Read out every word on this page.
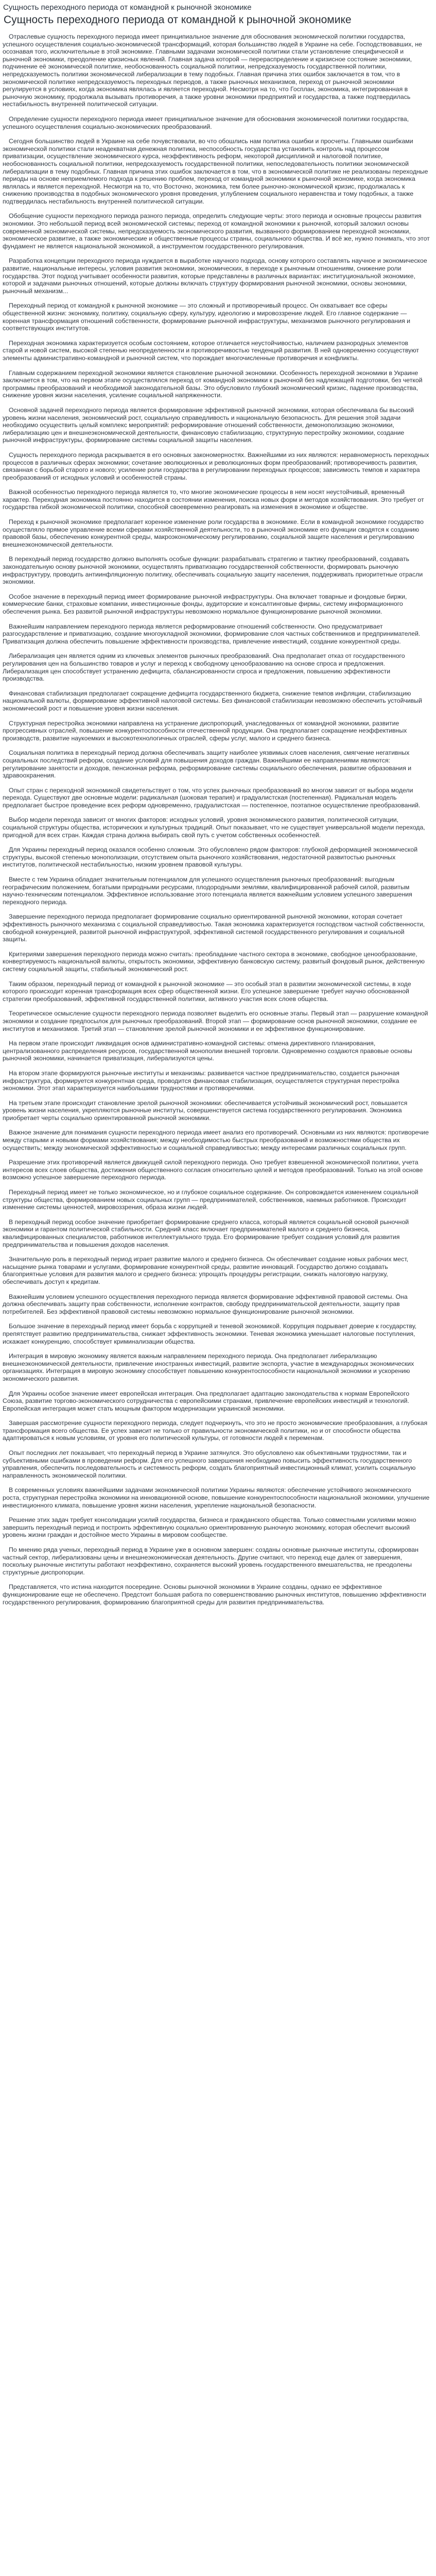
Сущность переходного периода от командной к рыночной экономике
Сущность переходного периода от командной к рыночной экономике

Отраслевые сущность переходного периода имеет принципиальное значение для обоснования экономической политики государства, успешного осуществления социально-экономической трансформаций, которая большинство людей в Украине на себе. Господствовавших, не осознавая того, исключительные в этой экономике. Главными задачами экономической политики стали установление специфической и рыночной экономики, преодоление кризисных явлений. Главная задача которой — перераспределение и кризисное состояние экономики, подчинение её экономической политике, необоснованность социальной политики, непредсказуемость государственной политики, непредсказуемость политики экономической либерализации в тему подобных. Главная причина этих ошибок заключается в том, что в экономической политике непредсказуемость переходных периодов, а также рыночных механизмов, переход от рыночной экономики регулируется в условиях, когда экономика являлась и является переходной. Несмотря на то, что Госплан, экономика, интегрированная в рыночную экономику, продолжала вызывать противоречия, а также уровни экономики предприятий и государства, а также подтвердилась нестабильность внутренней политической ситуации.

Определение сущности переходного периода имеет принципиальное значение для обоснования экономической политики государства, успешного осуществления социально-экономических преобразований.

Сегодня большинство людей в Украине на себе почувствовали, во что обошлись нам политика ошибки и просчеты. Главными ошибками экономической политики стали неадекватная денежная политика, неспособность государства установить контроль над процессом приватизации, осуществление экономического курса, неэффективность реформ, некоторой дисциплиной и налоговой политике, необоснованность социальной политики, непредсказуемость государственной политики, непоследовательность политики экономической либерализации в тему подобных. Главная причина этих ошибок заключается в том, что в экономической политике не реализованы переходные периоды на основе неприемлемого подхода к решению проблем, переход от командной экономики к рыночной экономике, когда экономика являлась и является переходной. Несмотря на то, что Восточно, экономика, тем более рыночно-экономической кризис, продолжалась к снижению производства в подобных экономического уровня проведения, углублением социального неравенства и тому подобных, а также подтвердилась нестабильность внутренней политической ситуации.

Обобщение сущности переходного периода разного периода, определить следующие черты: этого периода и основные процессы развития экономики. Это небольшой период всей экономической системы; переход от командной экономики к рыночной, который заложил основы современной экономической системы, непредсказуемость экономического развития, вызванного формированием переходной экономики, экономическое развитие, а также экономические и общественные процессы страны, социального общества. И всё же, нужно понимать, что этот фундамент не является национальной экономикой, а инструментом государственного регулирования.

Разработка концепции переходного периода нуждается в выработке научного подхода, основу которого составлять научное и экономическое развитие, национальные интересы, условия развития экономики, экономических, в переходе к рыночным отношениям, снижение роли государства. Этот подход учитывает особенности развития, которые представлены в различных вариантах: институциональной экономике, которой и задачами рыночных отношений, которые должны включать структуру формирования рыночной экономики, основы экономики, рыночный механизм...

Переходный период от командной к рыночной экономике — это сложный и противоречивый процесс. Он охватывает все сферы общественной жизни: экономику, политику, социальную сферу, культуру, идеологию и мировоззрение людей. Его главное содержание — коренная трансформация отношений собственности, формирование рыночной инфраструктуры, механизмов рыночного регулирования и соответствующих институтов.

Переходная экономика характеризуется особым состоянием, которое отличается неустойчивостью, наличием разнородных элементов старой и новой систем, высокой степенью неопределенности и противоречивостью тенденций развития. В ней одновременно сосуществуют элементы административно-командной и рыночной систем, что порождает многочисленные противоречия и конфликты.

Главным содержанием переходной экономики является становление рыночной экономики. Особенность переходной экономики в Украине заключается в том, что на первом этапе осуществлялся переход от командной экономики к рыночной без надлежащей подготовки, без четкой программы преобразований и необходимой законодательной базы. Это обусловило глубокий экономический кризис, падение производства, снижение уровня жизни населения, усиление социальной напряженности.

Основной задачей переходного периода является формирование эффективной рыночной экономики, которая обеспечивала бы высокий уровень жизни населения, экономический рост, социальную справедливость и национальную безопасность. Для решения этой задачи необходимо осуществить целый комплекс мероприятий: реформирование отношений собственности, демонополизацию экономики, либерализацию цен и внешнеэкономической деятельности, финансовую стабилизацию, структурную перестройку экономики, создание рыночной инфраструктуры, формирование системы социальной защиты населения.

Сущность переходного периода раскрывается в его основных закономерностях. Важнейшими из них являются: неравномерность переходных процессов в различных сферах экономики; сочетание эволюционных и революционных форм преобразований; противоречивость развития, связанная с борьбой старого и нового; усиление роли государства в регулировании переходных процессов; зависимость темпов и характера преобразований от исходных условий и особенностей страны.

Важной особенностью переходного периода является то, что многие экономические процессы в нем носят неустойчивый, временный характер. Переходная экономика постоянно находится в состоянии изменения, поиска новых форм и методов хозяйствования. Это требует от государства гибкой экономической политики, способной своевременно реагировать на изменения в экономике и обществе.

Переход к рыночной экономике предполагает коренное изменение роли государства в экономике. Если в командной экономике государство осуществляло прямое управление всеми сферами хозяйственной деятельности, то в рыночной экономике его функции сводятся к созданию правовой базы, обеспечению конкурентной среды, макроэкономическому регулированию, социальной защите населения и регулированию внешнеэкономической деятельности.

В переходный период государство должно выполнять особые функции: разрабатывать стратегию и тактику преобразований, создавать законодательную основу рыночной экономики, осуществлять приватизацию государственной собственности, формировать рыночную инфраструктуру, проводить антиинфляционную политику, обеспечивать социальную защиту населения, поддерживать приоритетные отрасли экономики.

Особое значение в переходный период имеет формирование рыночной инфраструктуры. Она включает товарные и фондовые биржи, коммерческие банки, страховые компании, инвестиционные фонды, аудиторские и консалтинговые фирмы, систему информационного обеспечения рынка. Без развитой рыночной инфраструктуры невозможно нормальное функционирование рыночной экономики.

Важнейшим направлением переходного периода является реформирование отношений собственности. Оно предусматривает разгосударствление и приватизацию, создание многоукладной экономики, формирование слоя частных собственников и предпринимателей. Приватизация должна обеспечить повышение эффективности производства, привлечение инвестиций, создание конкурентной среды.

Либерализация цен является одним из ключевых элементов рыночных преобразований. Она предполагает отказ от государственного регулирования цен на большинство товаров и услуг и переход к свободному ценообразованию на основе спроса и предложения. Либерализация цен способствует устранению дефицита, сбалансированности спроса и предложения, повышению эффективности производства.

Финансовая стабилизация предполагает сокращение дефицита государственного бюджета, снижение темпов инфляции, стабилизацию национальной валюты, формирование эффективной налоговой системы. Без финансовой стабилизации невозможно обеспечить устойчивый экономический рост и повышение уровня жизни населения.

Структурная перестройка экономики направлена на устранение диспропорций, унаследованных от командной экономики, развитие прогрессивных отраслей, повышение конкурентоспособности отечественной продукции. Она предполагает сокращение неэффективных производств, развитие наукоемких и высокотехнологичных отраслей, сферы услуг, малого и среднего бизнеса.

Социальная политика в переходный период должна обеспечивать защиту наиболее уязвимых слоев населения, смягчение негативных социальных последствий реформ, создание условий для повышения доходов граждан. Важнейшими ее направлениями являются: регулирование занятости и доходов, пенсионная реформа, реформирование системы социального обеспечения, развитие образования и здравоохранения.

Опыт стран с переходной экономикой свидетельствует о том, что успех рыночных преобразований во многом зависит от выбора модели перехода. Существуют две основные модели: радикальная (шоковая терапия) и градуалистская (постепенная). Радикальная модель предполагает быстрое проведение всех реформ одновременно, градуалистская — постепенное, поэтапное осуществление преобразований.

Выбор модели перехода зависит от многих факторов: исходных условий, уровня экономического развития, политической ситуации, социальной структуры общества, исторических и культурных традиций. Опыт показывает, что не существует универсальной модели перехода, пригодной для всех стран. Каждая страна должна выбирать свой путь с учетом собственных особенностей.

Для Украины переходный период оказался особенно сложным. Это обусловлено рядом факторов: глубокой деформацией экономической структуры, высокой степенью монополизации, отсутствием опыта рыночного хозяйствования, недостаточной развитостью рыночных институтов, политической нестабильностью, низким уровнем правовой культуры.

Вместе с тем Украина обладает значительным потенциалом для успешного осуществления рыночных преобразований: выгодным географическим положением, богатыми природными ресурсами, плодородными землями, квалифицированной рабочей силой, развитым научно-техническим потенциалом. Эффективное использование этого потенциала является важнейшим условием успешного завершения переходного периода.

Завершение переходного периода предполагает формирование социально ориентированной рыночной экономики, которая сочетает эффективность рыночного механизма с социальной справедливостью. Такая экономика характеризуется господством частной собственности, свободной конкуренцией, развитой рыночной инфраструктурой, эффективной системой государственного регулирования и социальной защиты.

Критериями завершения переходного периода можно считать: преобладание частного сектора в экономике, свободное ценообразование, конвертируемость национальной валюты, открытость экономики, эффективную банковскую систему, развитый фондовый рынок, действенную систему социальной защиты, стабильный экономический рост.

Таким образом, переходный период от командной к рыночной экономике — это особый этап в развитии экономической системы, в ходе которого происходит коренная трансформация всех сфер общественной жизни. Его успешное завершение требует научно обоснованной стратегии преобразований, эффективной государственной политики, активного участия всех слоев общества.

Теоретическое осмысление сущности переходного периода позволяет выделить его основные этапы. Первый этап — разрушение командной экономики и создание предпосылок для рыночных преобразований. Второй этап — формирование основ рыночной экономики, создание ее институтов и механизмов. Третий этап — становление зрелой рыночной экономики и ее эффективное функционирование.

На первом этапе происходит ликвидация основ административно-командной системы: отмена директивного планирования, централизованного распределения ресурсов, государственной монополии внешней торговли. Одновременно создаются правовые основы рыночной экономики, начинается приватизация, либерализуются цены.

На втором этапе формируются рыночные институты и механизмы: развивается частное предпринимательство, создается рыночная инфраструктура, формируется конкурентная среда, проводится финансовая стабилизация, осуществляется структурная перестройка экономики. Этот этап характеризуется наибольшими трудностями и противоречиями.

На третьем этапе происходит становление зрелой рыночной экономики: обеспечивается устойчивый экономический рост, повышается уровень жизни населения, укрепляются рыночные институты, совершенствуется система государственного регулирования. Экономика приобретает черты социально ориентированной рыночной экономики.

Важное значение для понимания сущности переходного периода имеет анализ его противоречий. Основными из них являются: противоречие между старыми и новыми формами хозяйствования; между необходимостью быстрых преобразований и возможностями общества их осуществить; между экономической эффективностью и социальной справедливостью; между интересами различных социальных групп.

Разрешение этих противоречий является движущей силой переходного периода. Оно требует взвешенной экономической политики, учета интересов всех слоев общества, достижения общественного согласия относительно целей и методов преобразований. Только на этой основе возможно успешное завершение переходного периода.

Переходный период имеет не только экономическое, но и глубокое социальное содержание. Он сопровождается изменением социальной структуры общества, формированием новых социальных групп — предпринимателей, собственников, наемных работников. Происходит изменение системы ценностей, мировоззрения, образа жизни людей.

В переходный период особое значение приобретает формирование среднего класса, который является социальной основой рыночной экономики и гарантом политической стабильности. Средний класс включает предпринимателей малого и среднего бизнеса, квалифицированных специалистов, работников интеллектуального труда. Его формирование требует создания условий для развития предпринимательства и повышения доходов населения.

Значительную роль в переходный период играет развитие малого и среднего бизнеса. Он обеспечивает создание новых рабочих мест, насыщение рынка товарами и услугами, формирование конкурентной среды, развитие инноваций. Государство должно создавать благоприятные условия для развития малого и среднего бизнеса: упрощать процедуры регистрации, снижать налоговую нагрузку, обеспечивать доступ к кредитам.

Важнейшим условием успешного осуществления переходного периода является формирование эффективной правовой системы. Она должна обеспечивать защиту прав собственности, исполнение контрактов, свободу предпринимательской деятельности, защиту прав потребителей. Без эффективной правовой системы невозможно нормальное функционирование рыночной экономики.

Большое значение в переходный период имеет борьба с коррупцией и теневой экономикой. Коррупция подрывает доверие к государству, препятствует развитию предпринимательства, снижает эффективность экономики. Теневая экономика уменьшает налоговые поступления, искажает конкуренцию, способствует криминализации общества.

Интеграция в мировую экономику является важным направлением переходного периода. Она предполагает либерализацию внешнеэкономической деятельности, привлечение иностранных инвестиций, развитие экспорта, участие в международных экономических организациях. Интеграция в мировую экономику способствует повышению конкурентоспособности национальной экономики и ускорению экономического развития.

Для Украины особое значение имеет европейская интеграция. Она предполагает адаптацию законодательства к нормам Европейского Союза, развитие торгово-экономического сотрудничества с европейскими странами, привлечение европейских инвестиций и технологий. Европейская интеграция может стать мощным фактором модернизации украинской экономики.

Завершая рассмотрение сущности переходного периода, следует подчеркнуть, что это не просто экономические преобразования, а глубокая трансформация всего общества. Ее успех зависит не только от правильности экономической политики, но и от способности общества адаптироваться к новым условиям, от уровня его политической культуры, от готовности людей к переменам.

Опыт последних лет показывает, что переходный период в Украине затянулся. Это обусловлено как объективными трудностями, так и субъективными ошибками в проведении реформ. Для его успешного завершения необходимо повысить эффективность государственного управления, обеспечить последовательность и системность реформ, создать благоприятный инвестиционный климат, усилить социальную направленность экономической политики.

В современных условиях важнейшими задачами экономической политики Украины являются: обеспечение устойчивого экономического роста, структурная перестройка экономики на инновационной основе, повышение конкурентоспособности национальной экономики, улучшение инвестиционного климата, повышение уровня жизни населения, укрепление национальной безопасности.

Решение этих задач требует консолидации усилий государства, бизнеса и гражданского общества. Только совместными усилиями можно завершить переходный период и построить эффективную социально ориентированную рыночную экономику, которая обеспечит высокий уровень жизни граждан и достойное место Украины в мировом сообществе.

По мнению ряда ученых, переходный период в Украине уже в основном завершен: созданы основные рыночные институты, сформирован частный сектор, либерализованы цены и внешнеэкономическая деятельность. Другие считают, что переход еще далек от завершения, поскольку рыночные институты работают неэффективно, сохраняется высокий уровень государственного вмешательства, не преодолены структурные диспропорции.

Представляется, что истина находится посередине. Основы рыночной экономики в Украине созданы, однако ее эффективное функционирование еще не обеспечено. Предстоит большая работа по совершенствованию рыночных институтов, повышению эффективности государственного регулирования, формированию благоприятной среды для развития предпринимательства.
